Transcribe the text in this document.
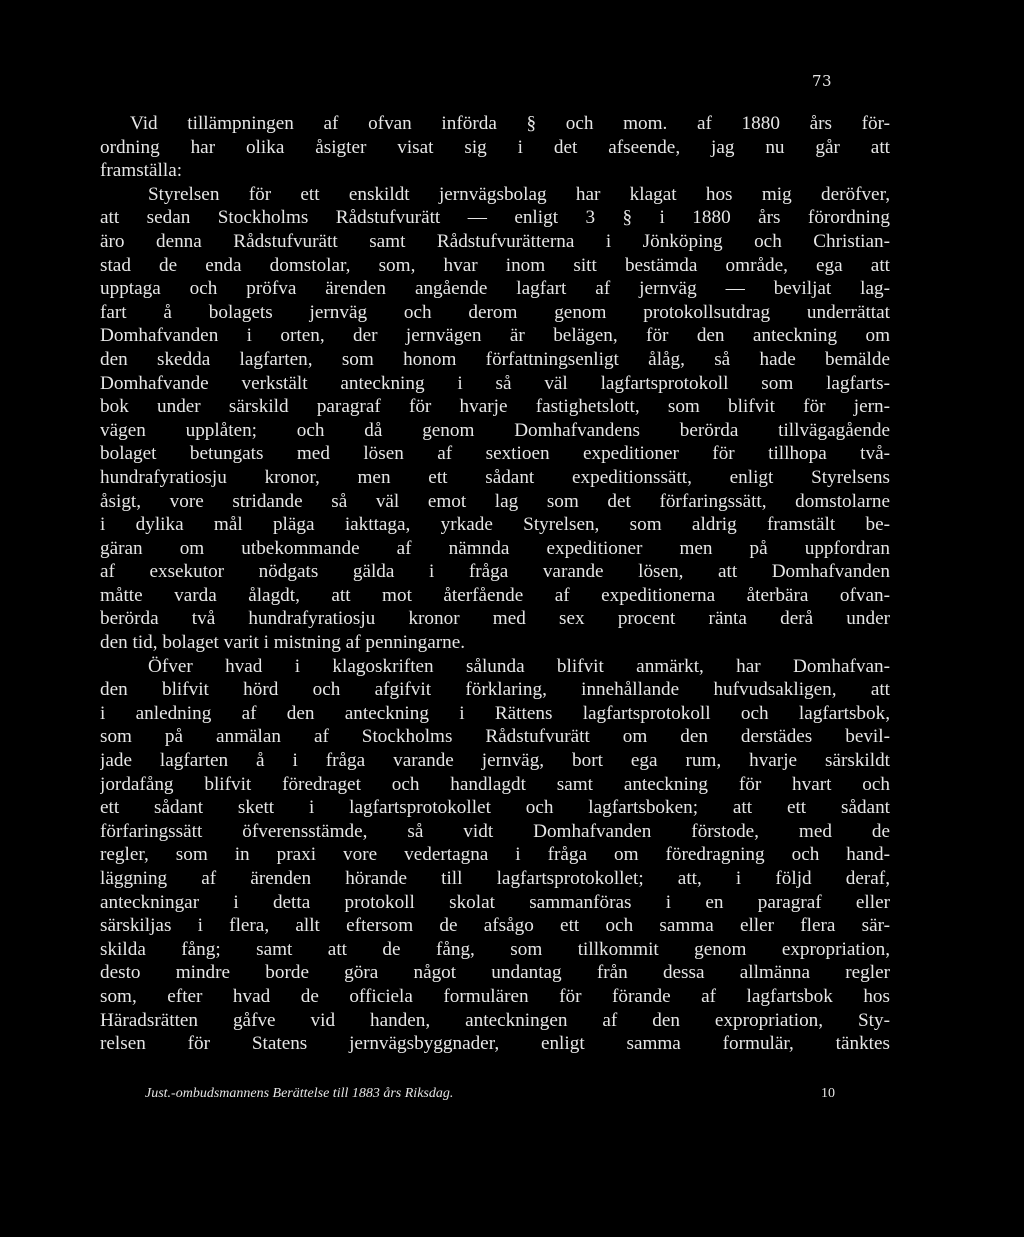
73
Vid tillämpningen af ofvan införda § och mom. af 1880 års för-
ordning har olika åsigter visat sig i det afseende, jag nu går att
framställa:
Styrelsen för ett enskildt jernvägsbolag har klagat hos mig deröfver,
att sedan Stockholms Rådstufvurätt — enligt 3 § i 1880 års förordning
äro denna Rådstufvurätt samt Rådstufvurätterna i Jönköping och Christian-
stad de enda domstolar, som, hvar inom sitt bestämda område, ega att
upptaga och pröfva ärenden angående lagfart af jernväg — beviljat lag-
fart å bolagets jernväg och derom genom protokollsutdrag underrättat
Domhafvanden i orten, der jernvägen är belägen, för den anteckning om
den skedda lagfarten, som honom författningsenligt ålåg, så hade bemälde
Domhafvande verkstält anteckning i så väl lagfartsprotokoll som lagfarts-
bok under särskild paragraf för hvarje fastighetslott, som blifvit för jern-
vägen upplåten; och då genom Domhafvandens berörda tillvägagående
bolaget betungats med lösen af sextioen expeditioner för tillhopa två-
hundrafyratiosju kronor, men ett sådant expeditionssätt, enligt Styrelsens
åsigt, vore stridande så väl emot lag som det förfaringssätt, domstolarne
i dylika mål pläga iakttaga, yrkade Styrelsen, som aldrig framstält be-
gäran om utbekommande af nämnda expeditioner men på uppfordran
af exsekutor nödgats gälda i fråga varande lösen, att Domhafvanden
måtte varda ålagdt, att mot återfående af expeditionerna återbära ofvan-
berörda två hundrafyratiosju kronor med sex procent ränta derå under
den tid, bolaget varit i mistning af penningarne.
Öfver hvad i klagoskriften sålunda blifvit anmärkt, har Domhafvan-
den blifvit hörd och afgifvit förklaring, innehållande hufvudsakligen, att
i anledning af den anteckning i Rättens lagfartsprotokoll och lagfartsbok,
som på anmälan af Stockholms Rådstufvurätt om den derstädes bevil-
jade lagfarten å i fråga varande jernväg, bort ega rum, hvarje särskildt
jordafång blifvit föredraget och handlagdt samt anteckning för hvart och
ett sådant skett i lagfartsprotokollet och lagfartsboken; att ett sådant
förfaringssätt öfverensstämde, så vidt Domhafvanden förstode, med de
regler, som in praxi vore vedertagna i fråga om föredragning och hand-
läggning af ärenden hörande till lagfartsprotokollet; att, i följd deraf,
anteckningar i detta protokoll skolat sammanföras i en paragraf eller
särskiljas i flera, allt eftersom de afsågo ett och samma eller flera sär-
skilda fång; samt att de fång, som tillkommit genom expropriation,
desto mindre borde göra något undantag från dessa allmänna regler
som, efter hvad de officiela formulären för förande af lagfartsbok hos
Häradsrätten gåfve vid handen, anteckningen af den expropriation, Sty-
relsen för Statens jernvägsbyggnader, enligt samma formulär, tänktes
Just.-ombudsmannens Berättelse till 1883 års Riksdag.	10
